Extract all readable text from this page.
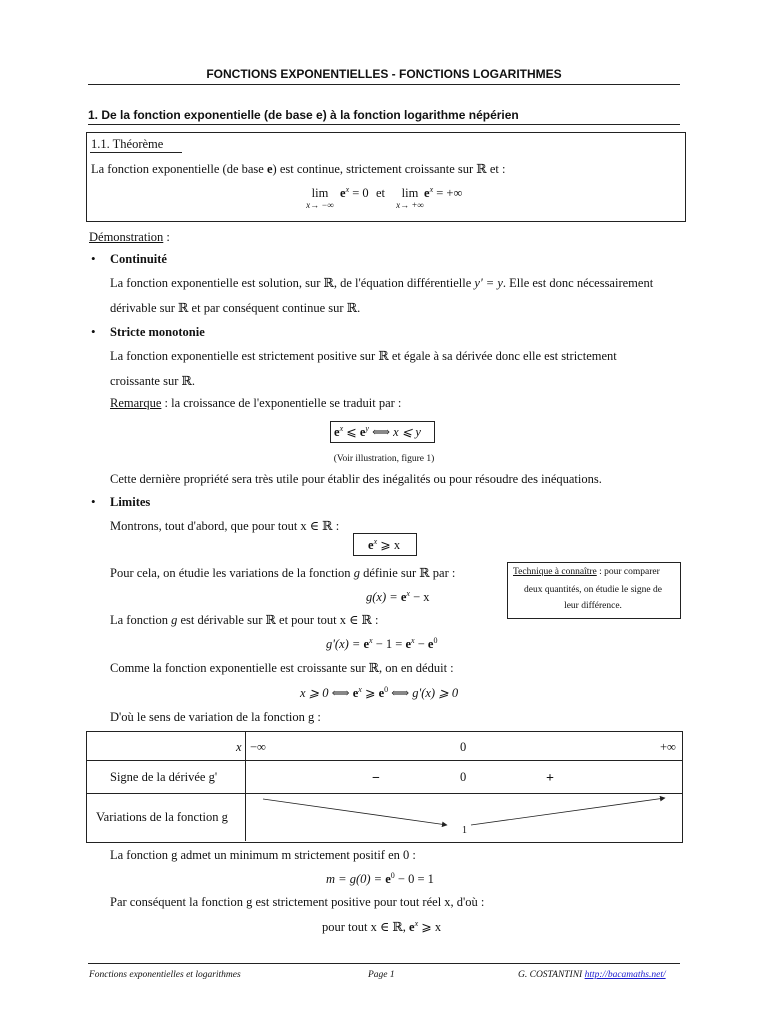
FONCTIONS EXPONENTIELLES - FONCTIONS LOGARITHMES
1. De la fonction exponentielle (de base e) à la fonction logarithme népérien
1.1. Théorème
La fonction exponentielle (de base e) est continue, strictement croissante sur ℝ et :
lim
x→ −∞
$e^x = 0$ et	lim
x→ +∞
$e^x$ = +∞
Démonstration :
• Continuité
La fonction exponentielle est solution, sur ℝ, de l'équation différentielle y' = y. Elle est donc nécessairement
dérivable sur ℝ et par conséquent continue sur ℝ.
• Stricte monotonie
La fonction exponentielle est strictement positive sur ℝ et égale à sa dérivée donc elle est strictement
croissante sur ℝ.
Remarque : la croissance de l'exponentielle se traduit par :
$e^x$ ⩽ $e^y$ ⟺ x ⩽ y
(Voir illustration, figure 1)
Cette dernière propriété sera très utile pour établir des inégalités ou pour résoudre des inéquations.
• Limites
Montrons, tout d'abord, que pour tout x ∈ ℝ :
$e^x$ ⩾ x
Pour cela, on étudie les variations de la fonction g définie sur ℝ par :
$g(x) = e^x - x$
La fonction g est dérivable sur ℝ et pour tout x ∈ ℝ :
$g'(x) = e^x - 1 = e^x - e^0$
Comme la fonction exponentielle est croissante sur ℝ, on en déduit :
x ⩾ 0 ⟺ $e^x$ ⩾ $e^0$ ⟺ g'(x) ⩾ 0
D'où le sens de variation de la fonction g :
Technique à connaître : pour comparer
deux quantités, on étudie le signe de
leur différence.
x −∞	0	+∞
Signe de la dérivée g'	−	0	+
Variations de la fonction g
1
La fonction g admet un minimum m strictement positif en 0 :
$m = g(0) = e^0 - 0 = 1$
Par conséquent la fonction g est strictement positive pour tout réel x, d'où :
pour tout x ∈ ℝ, $e^x$ ⩾ x
Fonctions exponentielles et logarithmes	Page 1	G. COSTANTINI http://bacamaths.net/
